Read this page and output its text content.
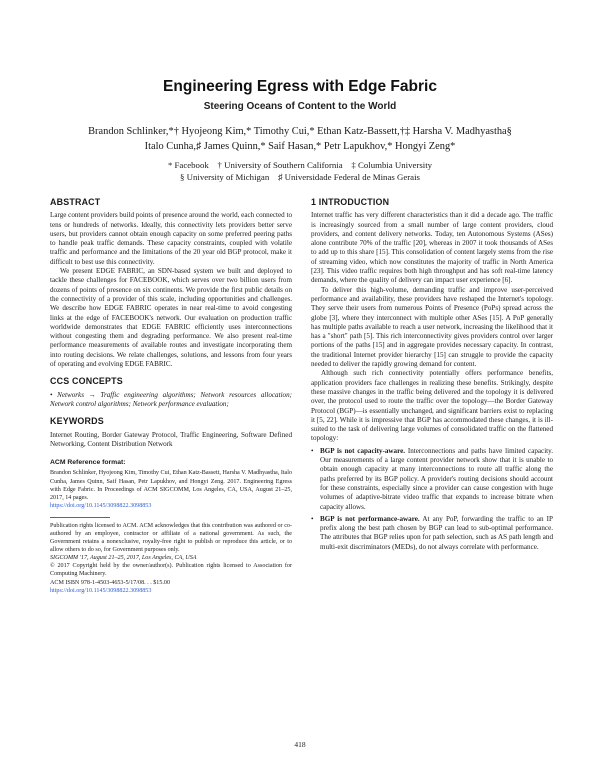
Engineering Egress with Edge Fabric
Steering Oceans of Content to the World
Brandon Schlinker,*† Hyojeong Kim,* Timothy Cui,* Ethan Katz-Bassett,†‡ Harsha V. Madhyastha§
Italo Cunha,♯ James Quinn,* Saif Hasan,* Petr Lapukhov,* Hongyi Zeng*
* Facebook    † University of Southern California    ‡ Columbia University
§ University of Michigan    ♯ Universidade Federal de Minas Gerais
ABSTRACT

Large content providers build points of presence around the world, each connected to tens or hundreds of networks. Ideally, this connectivity lets providers better serve users, but providers cannot obtain enough capacity on some preferred peering paths to handle peak traffic demands. These capacity constraints, coupled with volatile traffic and performance and the limitations of the 20 year old BGP protocol, make it difficult to best use this connectivity.

We present EDGE FABRIC, an SDN-based system we built and deployed to tackle these challenges for FACEBOOK, which serves over two billion users from dozens of points of presence on six continents. We provide the first public details on the connectivity of a provider of this scale, including opportunities and challenges. We describe how EDGE FABRIC operates in near real-time to avoid congesting links at the edge of FACEBOOK's network. Our evaluation on production traffic worldwide demonstrates that EDGE FABRIC efficiently uses interconnections without congesting them and degrading performance. We also present real-time performance measurements of available routes and investigate incorporating them into routing decisions. We relate challenges, solutions, and lessons from four years of operating and evolving EDGE FABRIC.

CCS CONCEPTS

• Networks → Traffic engineering algorithms; Network resources allocation; Network control algorithms; Network performance evaluation;

KEYWORDS

Internet Routing, Border Gateway Protocol, Traffic Engineering, Software Defined Networking, Content Distribution Network

ACM Reference format:

Brandon Schlinker, Hyojeong Kim, Timothy Cui, Ethan Katz-Bassett, Harsha V. Madhyastha, Italo Cunha, James Quinn, Saif Hasan, Petr Lapukhov, and Hongyi Zeng. 2017. Engineering Egress with Edge Fabric. In Proceedings of ACM SIGCOMM, Los Angeles, CA, USA, August 21–25, 2017, 14 pages.

https://doi.org/10.1145/3098822.3098853

Publication rights licensed to ACM. ACM acknowledges that this contribution was authored or co-authored by an employee, contractor or affiliate of a national government. As such, the Government retains a nonexclusive, royalty-free right to publish or reproduce this article, or to allow others to do so, for Government purposes only.

SIGCOMM '17, August 21–25, 2017, Los Angeles, CA, USA

© 2017 Copyright held by the owner/author(s). Publication rights licensed to Association for Computing Machinery.

ACM ISBN 978-1-4503-4653-5/17/08. . . $15.00

https://doi.org/10.1145/3098822.3098853

1 INTRODUCTION

Internet traffic has very different characteristics than it did a decade ago. The traffic is increasingly sourced from a small number of large content providers, cloud providers, and content delivery networks. Today, ten Autonomous Systems (ASes) alone contribute 70% of the traffic [20], whereas in 2007 it took thousands of ASes to add up to this share [15]. This consolidation of content largely stems from the rise of streaming video, which now constitutes the majority of traffic in North America [23]. This video traffic requires both high throughput and has soft real-time latency demands, where the quality of delivery can impact user experience [6].

To deliver this high-volume, demanding traffic and improve user-perceived performance and availability, these providers have reshaped the Internet's topology. They serve their users from numerous Points of Presence (PoPs) spread across the globe [3], where they interconnect with multiple other ASes [15]. A PoP generally has multiple paths available to reach a user network, increasing the likelihood that it has a "short" path [5]. This rich interconnectivity gives providers control over larger portions of the paths [15] and in aggregate provides necessary capacity. In contrast, the traditional Internet provider hierarchy [15] can struggle to provide the capacity needed to deliver the rapidly growing demand for content.

Although such rich connectivity potentially offers performance benefits, application providers face challenges in realizing these benefits. Strikingly, despite these massive changes in the traffic being delivered and the topology it is delivered over, the protocol used to route the traffic over the topology—the Border Gateway Protocol (BGP)—is essentially unchanged, and significant barriers exist to replacing it [5, 22]. While it is impressive that BGP has accommodated these changes, it is ill-suited to the task of delivering large volumes of consolidated traffic on the flattened topology:

• BGP is not capacity-aware. Interconnections and paths have limited capacity. Our measurements of a large content provider network show that it is unable to obtain enough capacity at many interconnections to route all traffic along the paths preferred by its BGP policy. A provider's routing decisions should account for these constraints, especially since a provider can cause congestion with huge volumes of adaptive-bitrate video traffic that expands to increase bitrate when capacity allows.
• BGP is not performance-aware. At any PoP, forwarding the traffic to an IP prefix along the best path chosen by BGP can lead to sub-optimal performance. The attributes that BGP relies upon for path selection, such as AS path length and multi-exit discriminators (MEDs), do not always correlate with performance.
418
